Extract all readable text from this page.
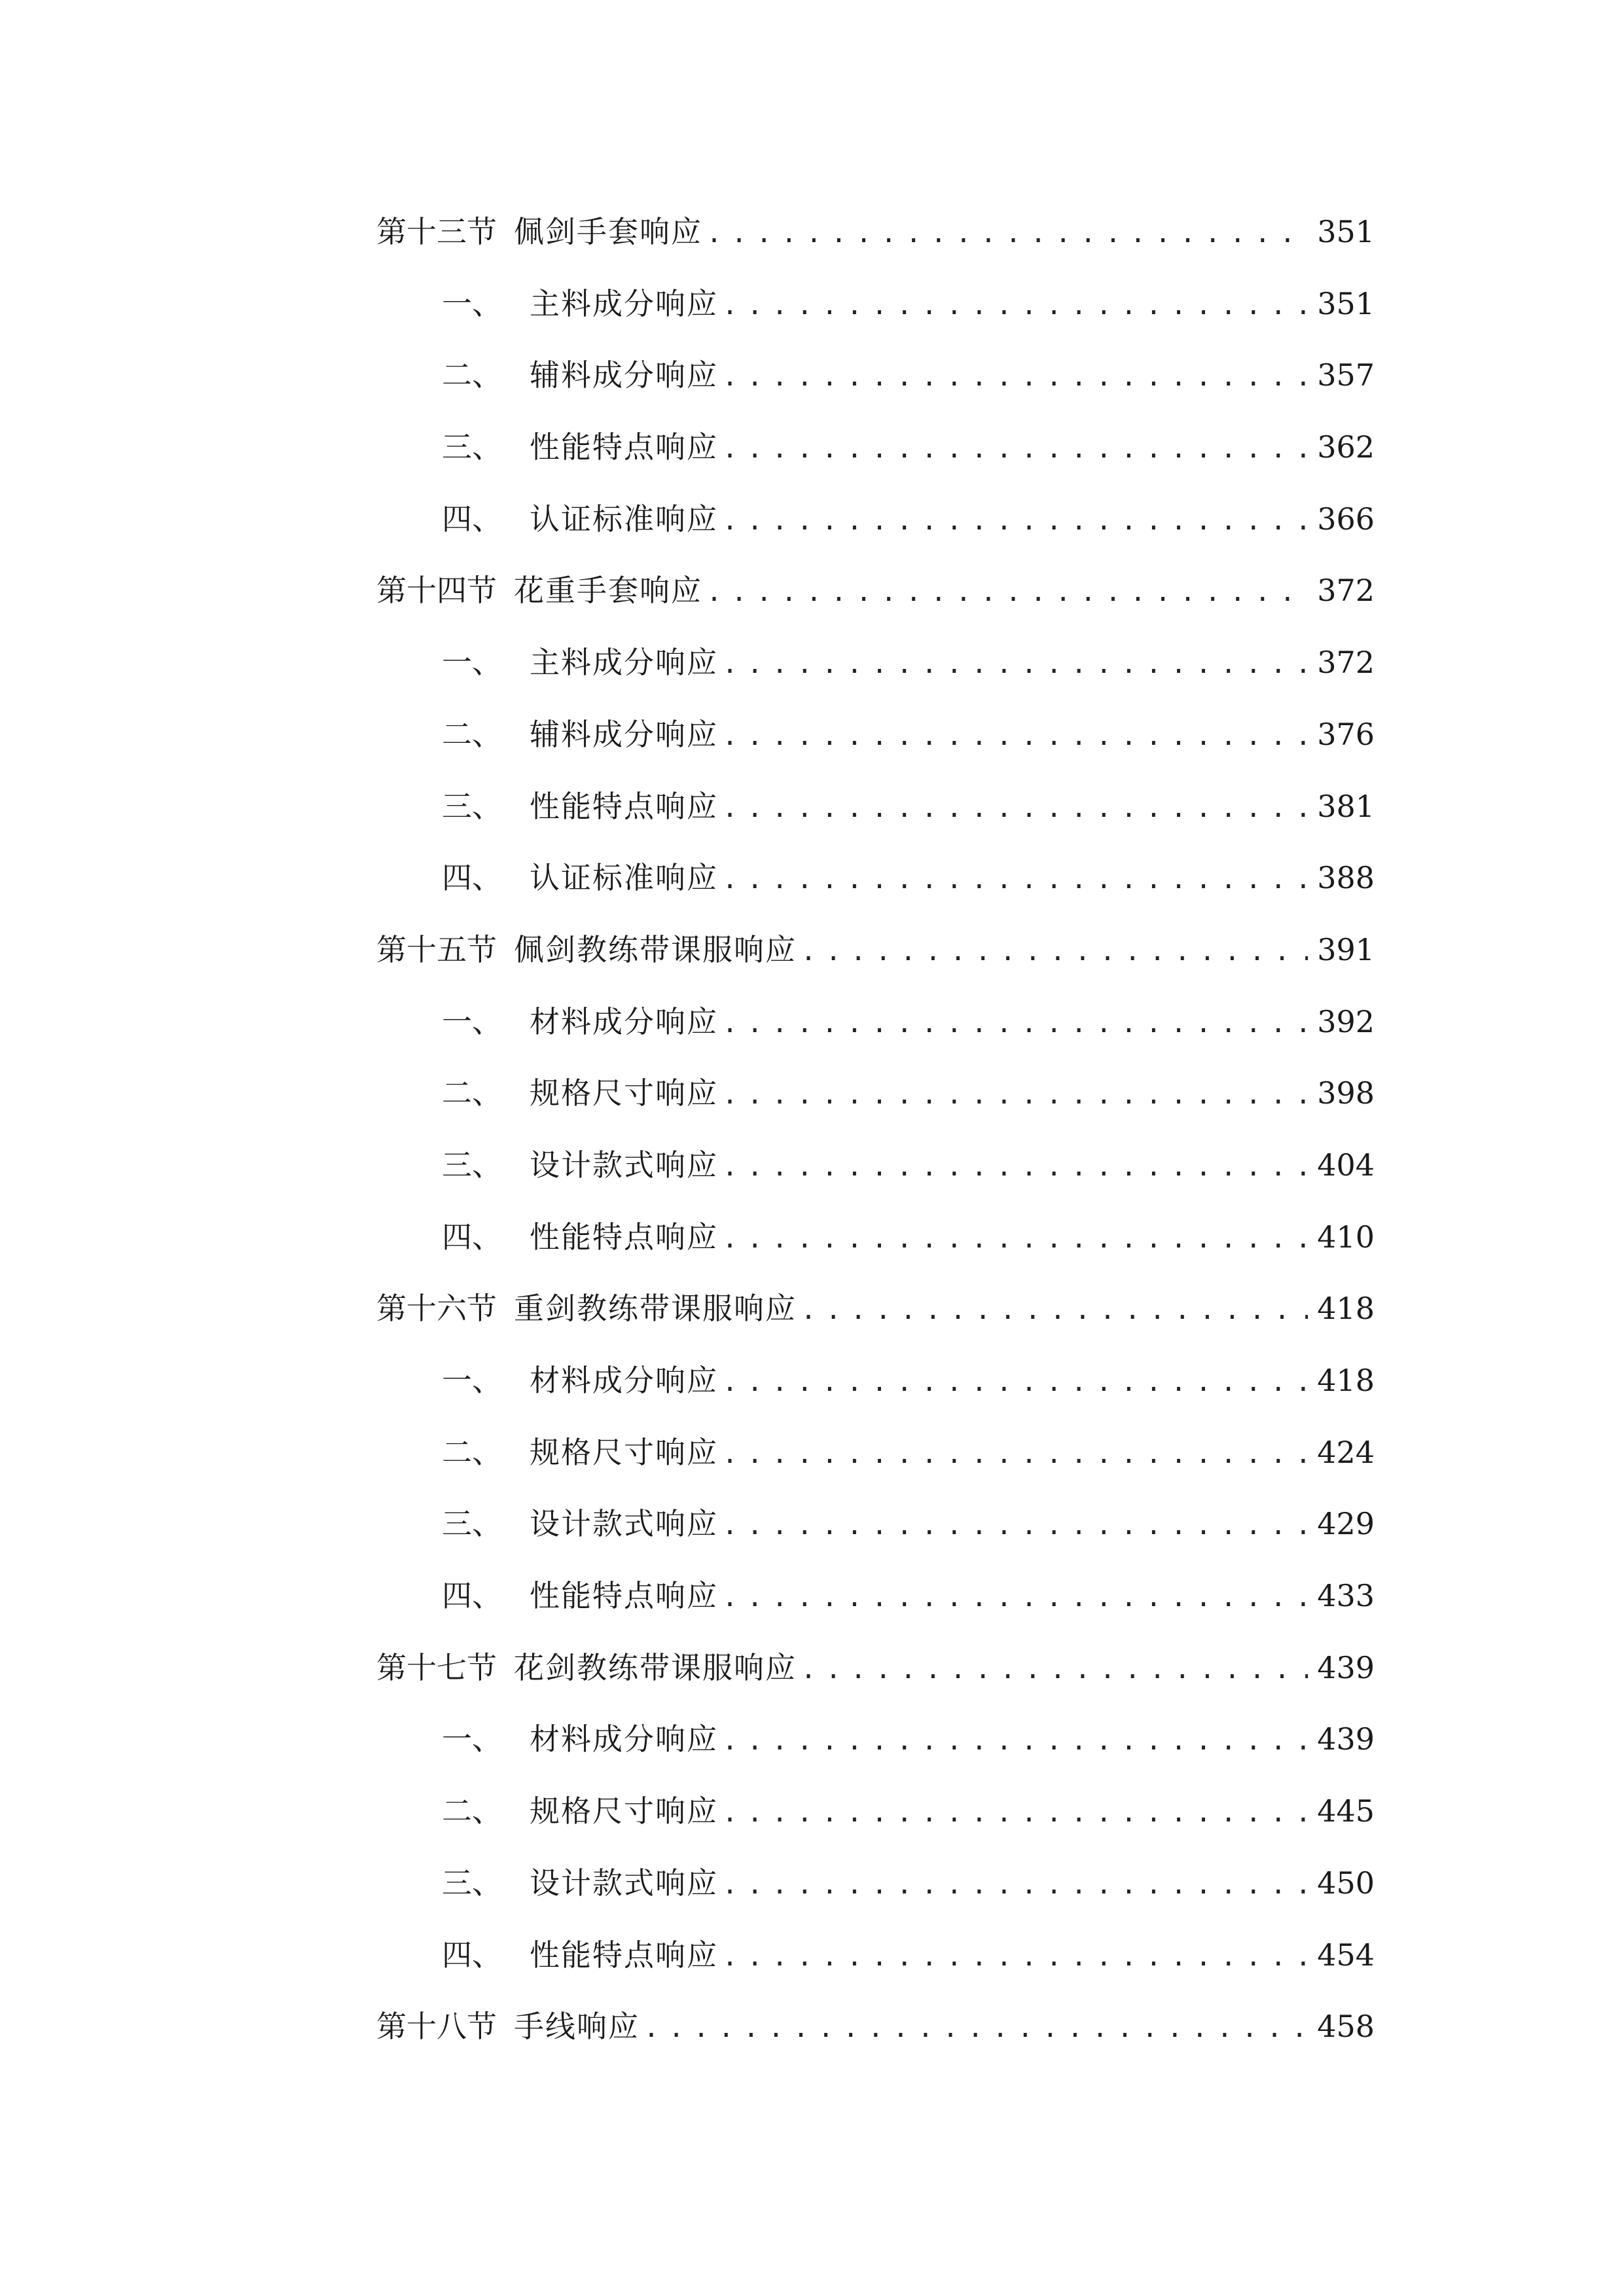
第十三节 佩剑手套响应 .....	351
一、 主料成分响应 .....	351
二、 辅料成分响应 .....	357
三、 性能特点响应 .....	362
四、 认证标准响应 .....	366
第十四节 花重手套响应 .....	372
一、 主料成分响应 .....	372
二、 辅料成分响应 .....	376
三、 性能特点响应 .....	381
四、 认证标准响应 .....	388
第十五节 佩剑教练带课服响应 .....	391
一、 材料成分响应 .....	392
二、 规格尺寸响应 .....	398
三、 设计款式响应 .....	404
四、 性能特点响应 .....	410
第十六节 重剑教练带课服响应 .....	418
一、 材料成分响应 .....	418
二、 规格尺寸响应 .....	424
三、 设计款式响应 .....	429
四、 性能特点响应 .....	433
第十七节 花剑教练带课服响应 .....	439
一、 材料成分响应 .....	439
二、 规格尺寸响应 .....	445
三、 设计款式响应 .....	450
四、 性能特点响应 .....	454
第十八节 手线响应 .....	458
